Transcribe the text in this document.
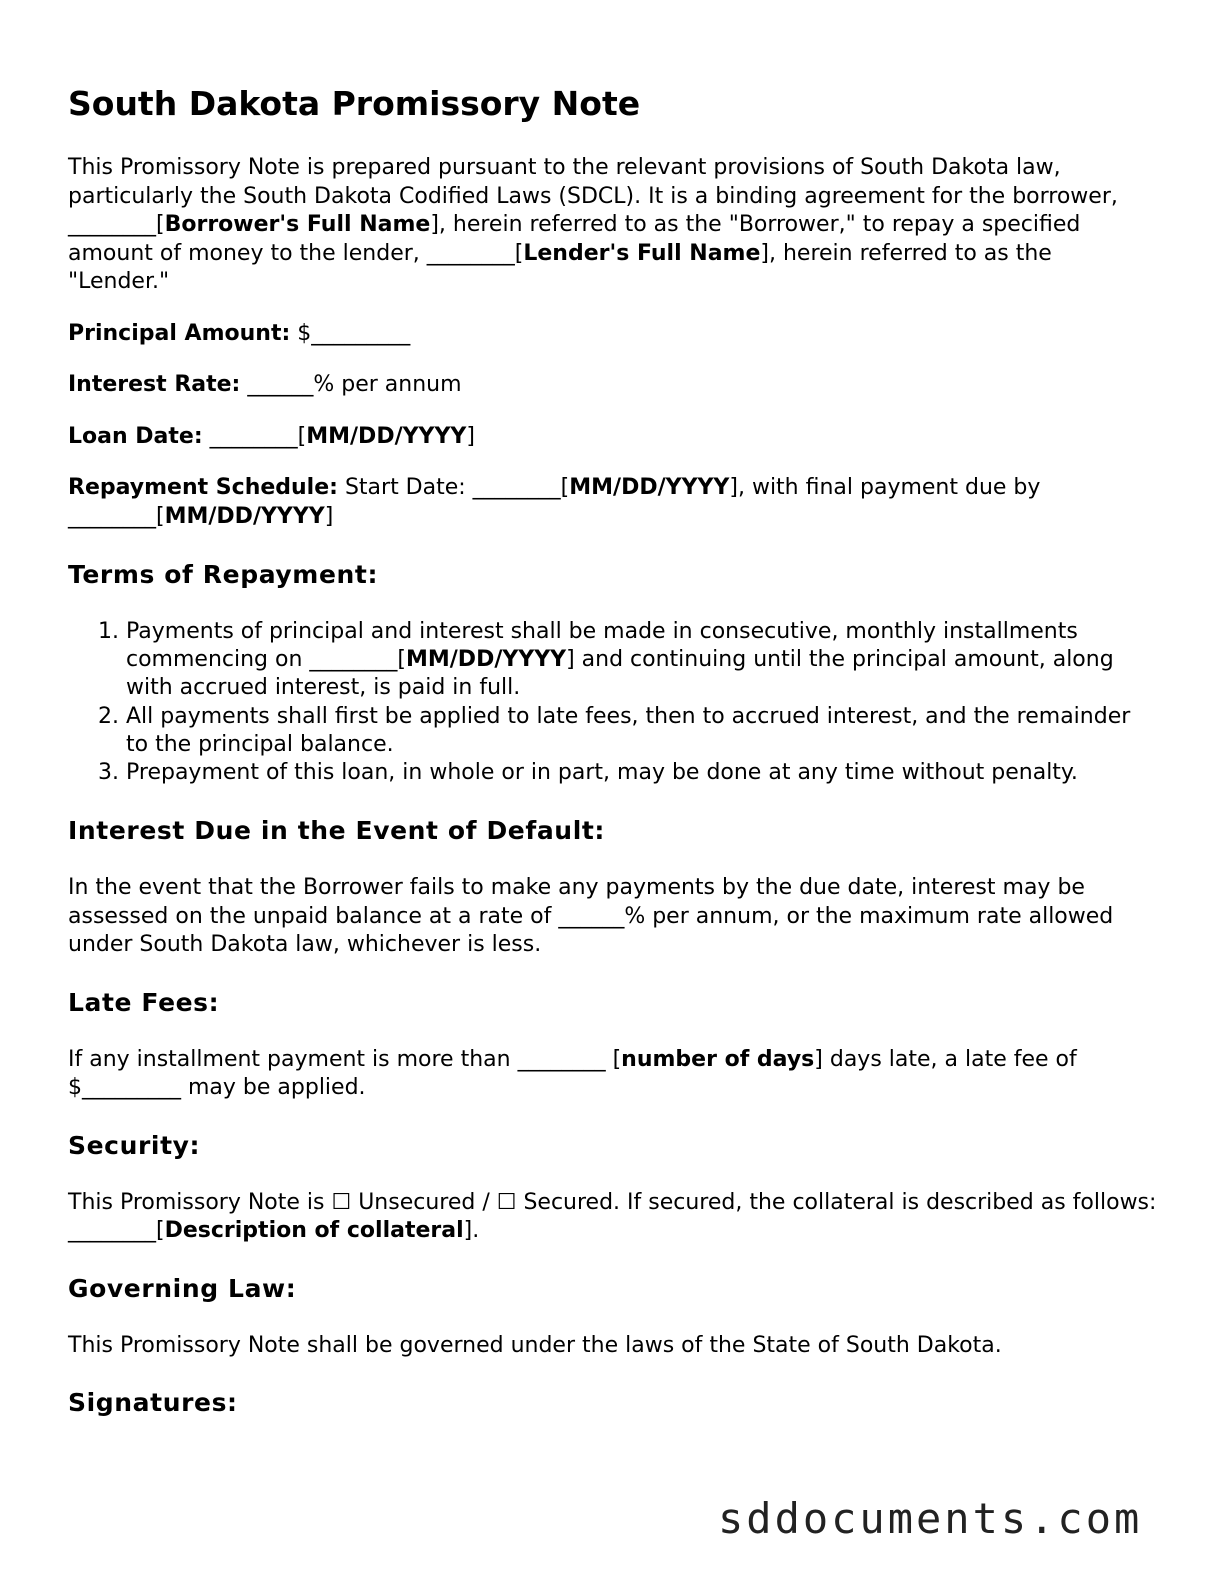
South Dakota Promissory Note

This Promissory Note is prepared pursuant to the relevant provisions of South Dakota law, particularly the South Dakota Codified Laws (SDCL). It is a binding agreement for the borrower, ________[Borrower's Full Name], herein referred to as the "Borrower," to repay a specified amount of money to the lender, ________[Lender's Full Name], herein referred to as the "Lender."

Principal Amount: $_________

Interest Rate: ______% per annum

Loan Date: ________[MM/DD/YYYY]

Repayment Schedule: Start Date: ________[MM/DD/YYYY], with final payment due by ________[MM/DD/YYYY]

Terms of Repayment:
1. Payments of principal and interest shall be made in consecutive, monthly installments commencing on ________[MM/DD/YYYY] and continuing until the principal amount, along with accrued interest, is paid in full.
2. All payments shall first be applied to late fees, then to accrued interest, and the remainder to the principal balance.
3. Prepayment of this loan, in whole or in part, may be done at any time without penalty.
Interest Due in the Event of Default:

In the event that the Borrower fails to make any payments by the due date, interest may be assessed on the unpaid balance at a rate of ______% per annum, or the maximum rate allowed under South Dakota law, whichever is less.

Late Fees:

If any installment payment is more than ________ [number of days] days late, a late fee of $_________ may be applied.

Security:

This Promissory Note is ☐ Unsecured / ☐ Secured. If secured, the collateral is described as follows: ________[Description of collateral].

Governing Law:

This Promissory Note shall be governed under the laws of the State of South Dakota.

Signatures:
sddocuments.com
